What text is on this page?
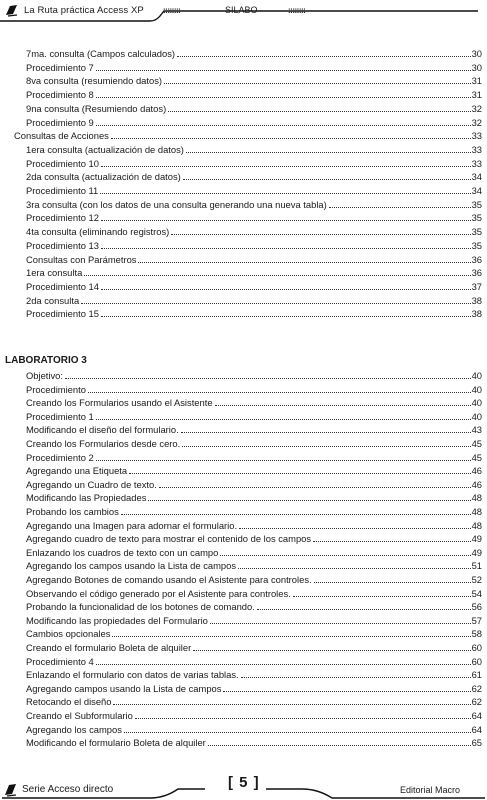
La Ruta práctica Access XP ::::::::	SILABO	::::::::
7ma. consulta (Campos calculados)	30
Procedimiento 7	30
8va consulta (resumiendo datos)	31
Procedimiento 8	31
9na consulta (Resumiendo datos)	32
Procedimiento 9	32
Consultas de Acciones	33
1era consulta (actualización de datos)	33
Procedimiento 10	33
2da consulta (actualización de datos)	34
Procedimiento 11	34
3ra consulta (con los datos de una consulta generando una nueva tabla)	35
Procedimiento 12	35
4ta consulta (eliminando registros)	35
Procedimiento 13	35
Consultas con Parámetros	36
1era consulta	36
Procedimiento 14	37
2da consulta	38
Procedimiento 15	38
LABORATORIO 3
Objetivo:	40
Procedimiento	40
Creando los Formularios usando el Asistente	40
Procedimiento 1	40
Modificando el diseño del formulario.	43
Creando los Formularios desde cero.	45
Procedimiento 2	45
Agregando una Etiqueta	46
Agregando un Cuadro de texto.	46
Modificando las Propiedades	48
Probando los cambios	48
Agregando una Imagen para adornar el formulario.	48
Agregando cuadro de texto para mostrar el contenido de los campos	49
Enlazando los cuadros de texto con un campo	49
Agregando los campos usando la Lista de campos	51
Agregando Botones de comando usando el Asistente para controles.	52
Observando el código generado por el Asistente para controles.	54
Probando la funcionalidad de los botones de comando.	56
Modificando las propiedades del Formulario	57
Cambios opcionales	58
Creando el formulario Boleta de alquiler	60
Procedimiento 4	60
Enlazando el formulario con datos de varias tablas.	61
Agregando campos usando la Lista de campos	62
Retocando el diseño	62
Creando el Subformulario	64
Agregando los campos	64
Modificando el formulario Boleta de alquiler	65
Serie Acceso directo	[ 5 ]	Editorial Macro
